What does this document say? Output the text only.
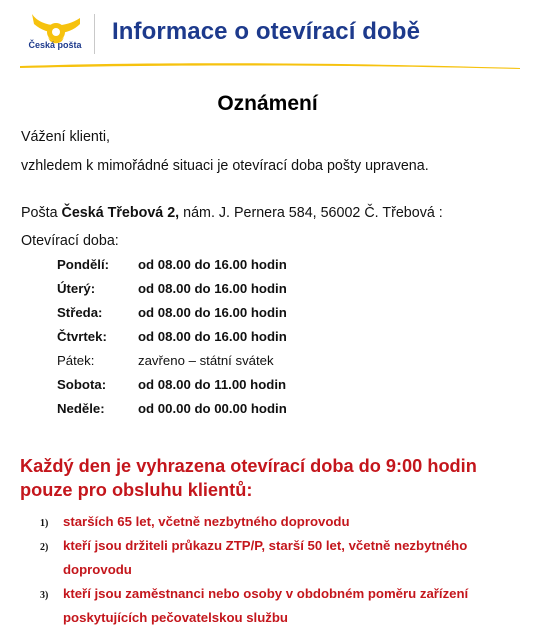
Česká pošta Informace o otevírací době
Oznámení
Vážení klienti,
vzhledem k mimořádné situaci je otevírací doba pošty upravena.
Pošta Česká Třebová 2, nám. J. Pernera 584, 56002 Č. Třebová :
Otevírací doba:
Pondělí: od 08.00 do 16.00 hodin
Úterý:	od 08.00 do 16.00 hodin
Středa:	od 08.00 do 16.00 hodin
Čtvrtek: od 08.00 do 16.00 hodin
Pátek:	zavřeno – státní svátek
Sobota: od 08.00 do 11.00 hodin
Neděle:	od 00.00 do 00.00 hodin
Každý den je vyhrazena otevírací doba do 9:00 hodin
pouze pro obsluhu klientů:
1) starších 65 let, včetně nezbytného doprovodu
2) kteří jsou držiteli průkazu ZTP/P, starší 50 let, včetně nezbytného
doprovodu
3) kteří jsou zaměstnanci nebo osoby v obdobném poměru zařízení
poskytujících pečovatelskou službu
